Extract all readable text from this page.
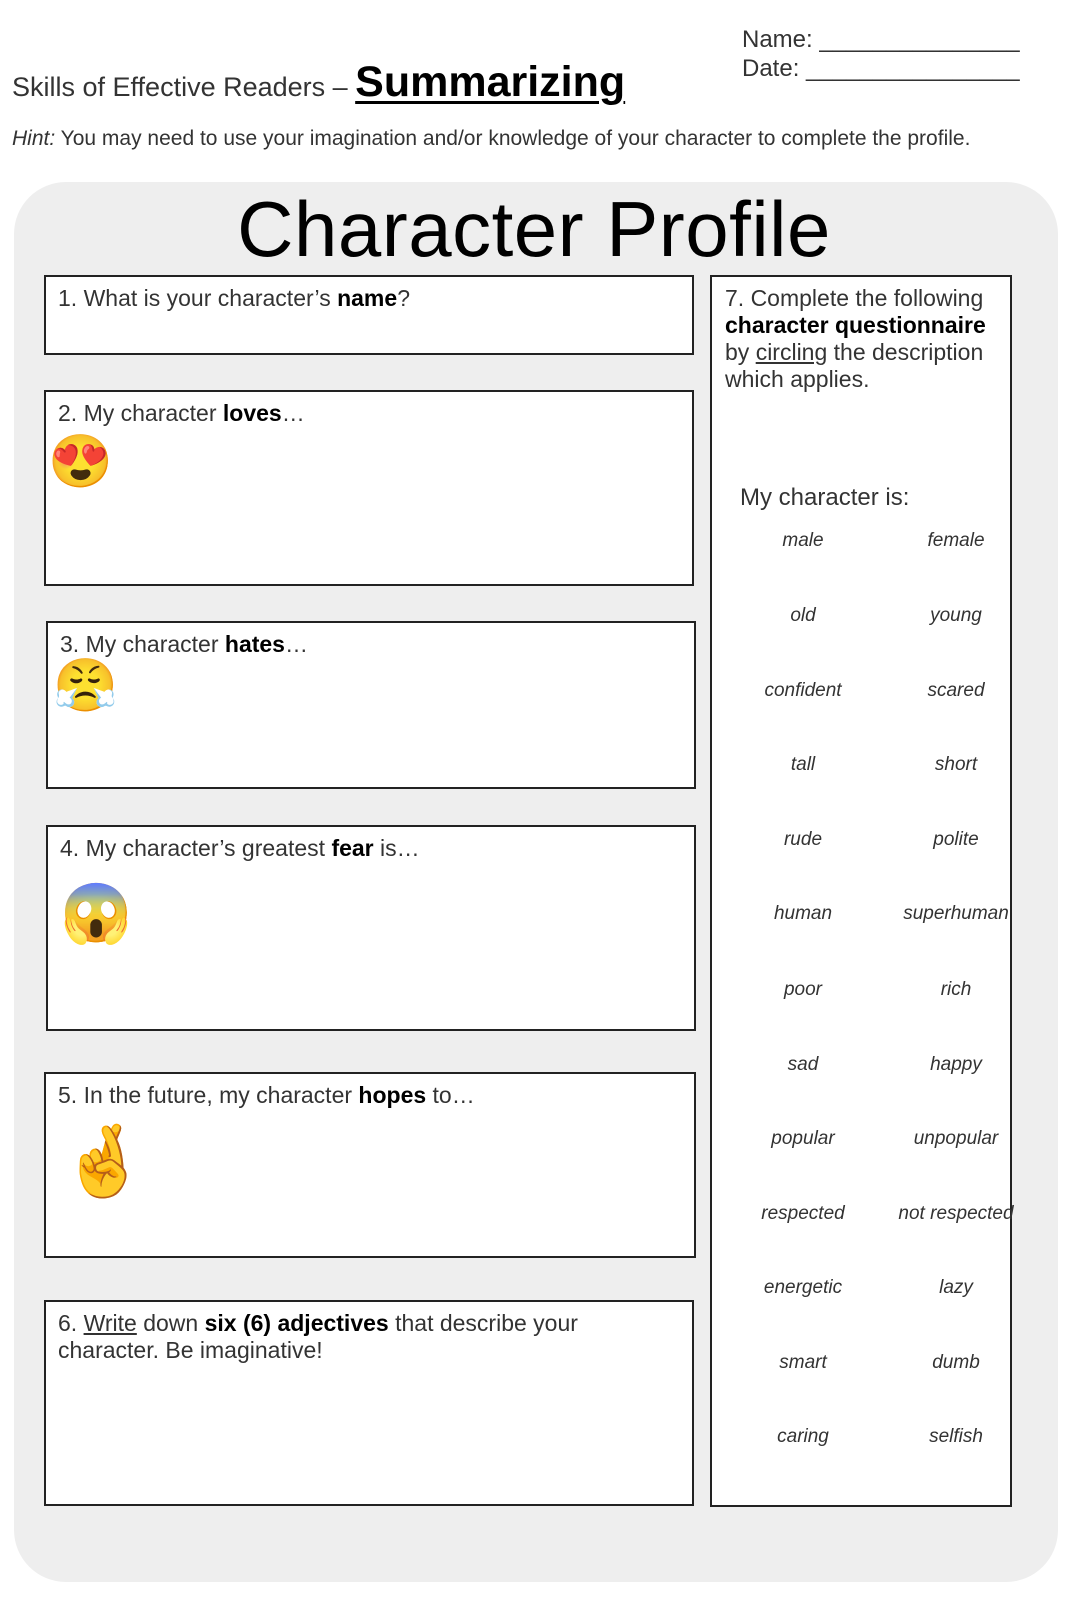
Skills of Effective Readers – Summarizing
Name: _______________
Date: ________________
Hint: You may need to use your imagination and/or knowledge of your character to complete the profile.
Character Profile
1. What is your character’s name?
2. My character loves…
😍
3. My character hates…
😤
4. My character’s greatest fear is…
😱
5. In the future, my character hopes to…
🤞
6. Write down six (6) adjectives that describe your character. Be imaginative!
7. Complete the following character questionnaire by circling the description which applies.
My character is:
male	female
old	young
confident	scared
tall	short
rude	polite
human	superhuman
poor	rich
sad	happy
popular	unpopular
respected	not respected
energetic	lazy
smart	dumb
caring	selfish
